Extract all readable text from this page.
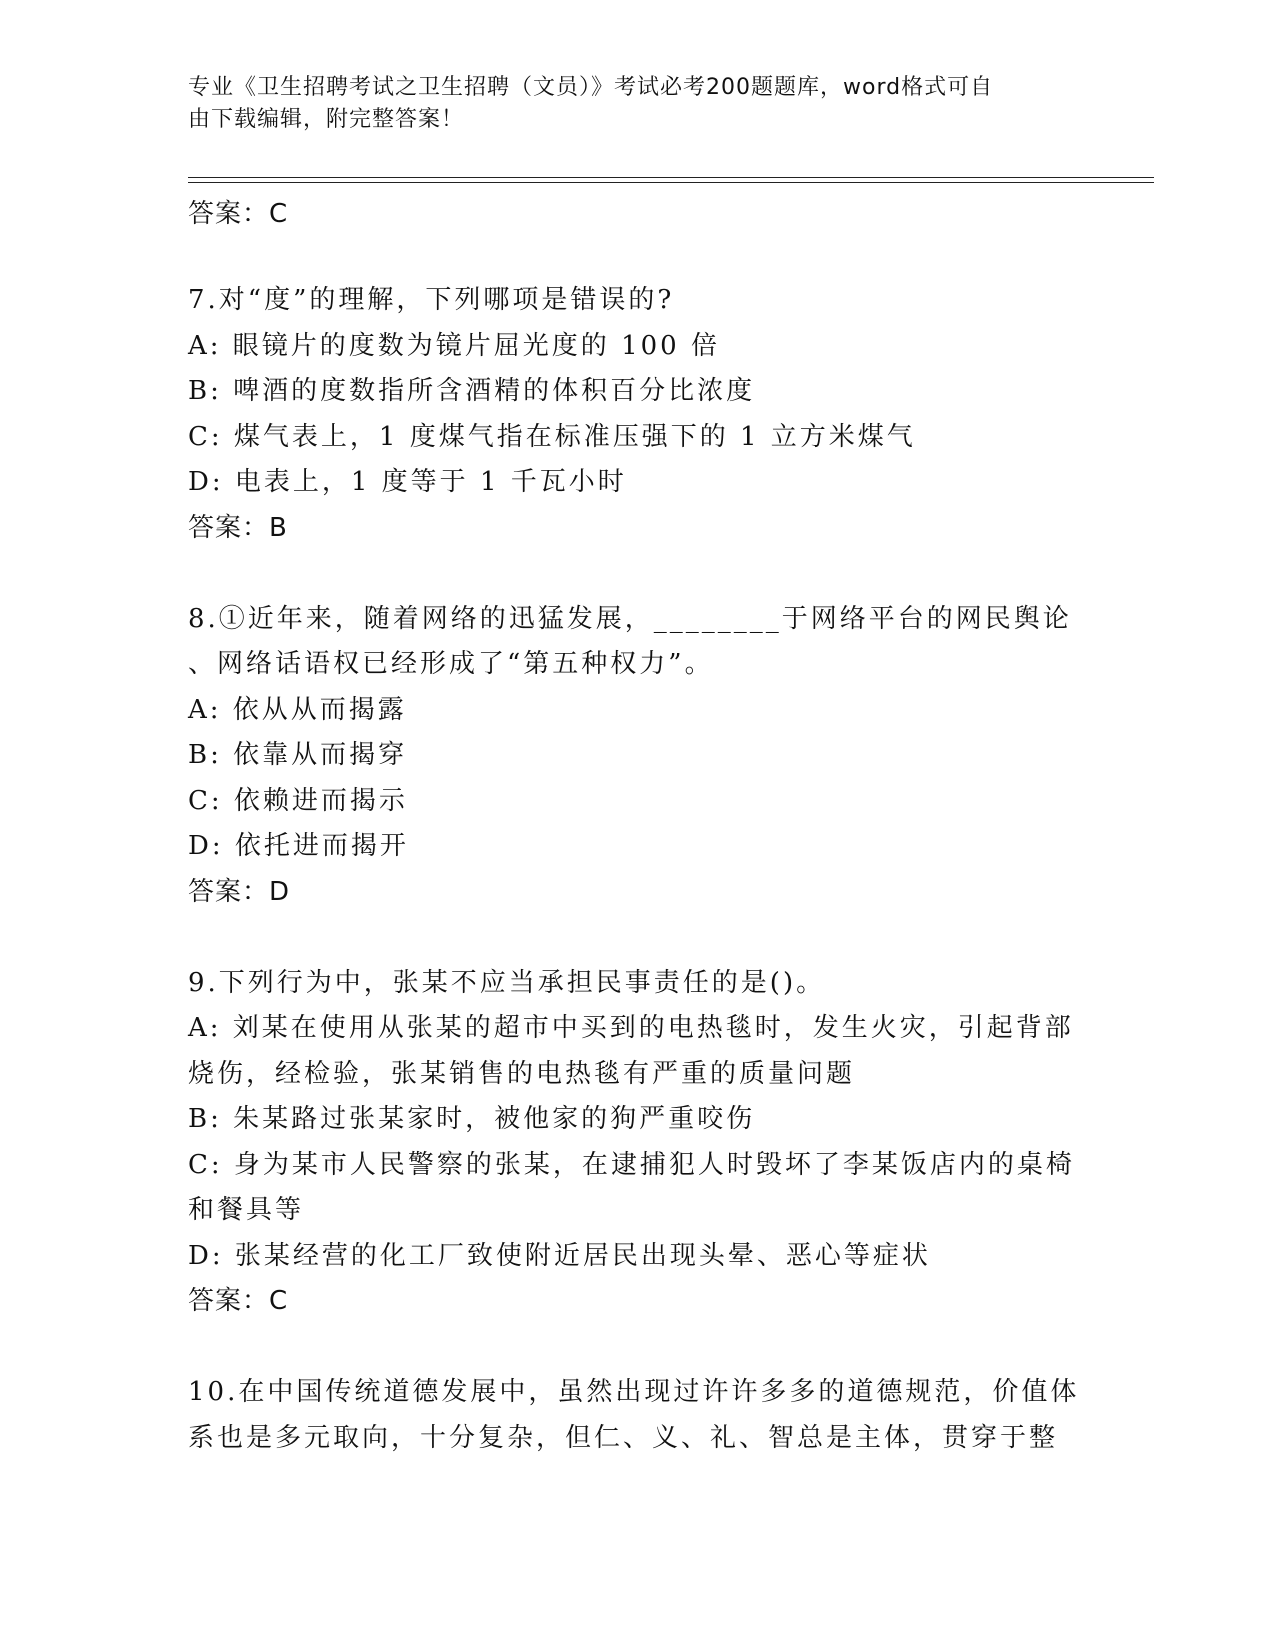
专业《卫生招聘考试之卫生招聘（文员）》考试必考200题题库，word格式可自
由下载编辑，附完整答案！
答案：C
7.对“度”的理解，下列哪项是错误的?
A: 眼镜片的度数为镜片屈光度的 100 倍
B: 啤酒的度数指所含酒精的体积百分比浓度
C: 煤气表上，1 度煤气指在标准压强下的 1 立方米煤气
D: 电表上，1 度等于 1 千瓦小时
答案：B
8.①近年来，随着网络的迅猛发展，________于网络平台的网民舆论
、网络话语权已经形成了“第五种权力”。
A: 依从从而揭露
B: 依靠从而揭穿
C: 依赖进而揭示
D: 依托进而揭开
答案：D
9.下列行为中，张某不应当承担民事责任的是()。
A: 刘某在使用从张某的超市中买到的电热毯时，发生火灾，引起背部
烧伤，经检验，张某销售的电热毯有严重的质量问题
B: 朱某路过张某家时，被他家的狗严重咬伤
C: 身为某市人民警察的张某，在逮捕犯人时毁坏了李某饭店内的桌椅
和餐具等
D: 张某经营的化工厂致使附近居民出现头晕、恶心等症状
答案：C
10.在中国传统道德发展中，虽然出现过许许多多的道德规范，价值体
系也是多元取向，十分复杂，但仁、义、礼、智总是主体，贯穿于整
